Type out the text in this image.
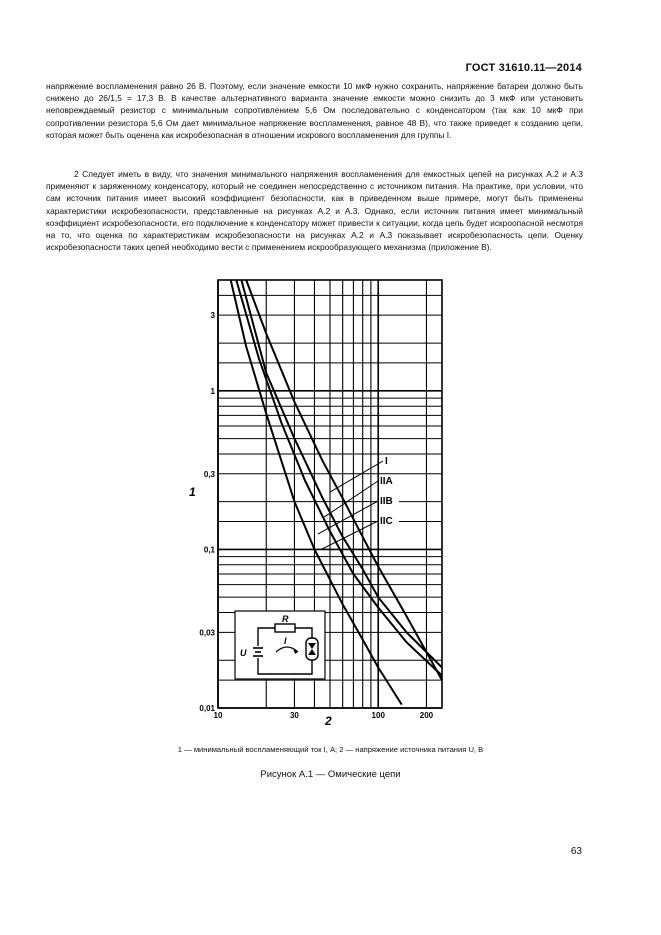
ГОСТ 31610.11—2014

напряжение воспламенения равно 26 В. Поэтому, если значение емкости 10 мкФ нужно сохранить, напряжение батареи должно быть снижено до 26/1,5 = 17,3 В. В качестве альтернативного варианта значение емкости можно снизить до 3 мкФ или установить неповреждаемый резистор с минимальным сопротивлением 5,6 Ом последовательно с конденсатором (так как 10 мкФ при сопротивлении резистора 5,6 Ом дает минимальное напряжение воспламенения, равное 48 В), что также приведет к созданию цепи, которая может быть оценена как искробезопасная в отношении искрового воспламенения для группы I.

2 Следует иметь в виду, что значения минимального напряжения воспламенения для емкостных цепей на рисунках А.2 и А.3 применяют к заряженному конденсатору, который не соединен непосредственно с источником питания. На практике, при условии, что сам источник питания имеет высокий коэффициент безопасности, как в приведенном выше примере, могут быть применены характеристики искробезопасности, представленные на рисунках А.2 и А.3. Однако, если источник питания имеет минимальный коэффициент искробезопасности, его подключение к конденсатору может привести к ситуации, когда цепь будет искроопасной несмотря на то, что оценка по характеристикам искробезопасности на рисунках А.2 и А.3 показывает искробезопасность цепи. Оценку искробезопасности таких цепей необходимо вести с применением искрообразующего механизма (приложение В).

10	30	100	200
0,01
0,03
0,1
0,3
1
3
I
IIA
IIB
IIC
R
I
U
1
2
1 — минимальный воспламеняющий ток I, А; 2 — напряжение источника питания U, В
Рисунок А.1 — Омические цепи
63
